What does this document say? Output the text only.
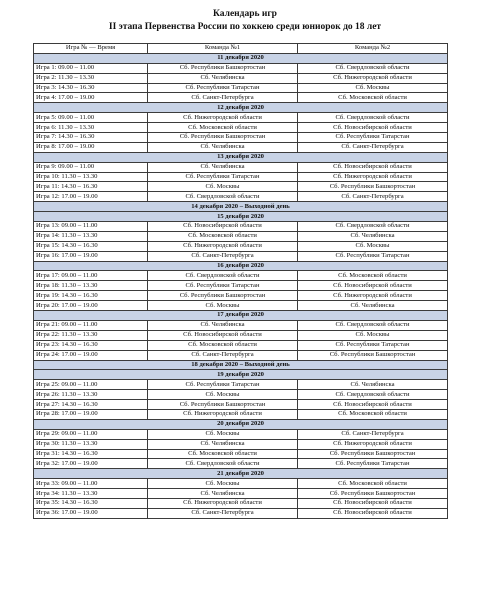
Календарь игр
II этапа Первенства России по хоккею среди юниорок до 18 лет
Игра № — Время	Команда №1	Команда №2
11 декабря 2020		
Игра 1: 09.00 – 11.00	Сб. Республики Башкортостан	Сб. Свердловской области
Игра 2: 11.30 – 13.30	Сб. Челябинска	Сб. Нижегородской области
Игра 3: 14.30 – 16.30	Сб. Республики Татарстан	Сб. Москвы
Игра 4: 17.00 – 19.00	Сб. Санкт-Петербурга	Сб. Московской области
12 декабря 2020		
Игра 5: 09.00 – 11.00	Сб. Нижегородской области	Сб. Свердловской области
Игра 6: 11.30 – 13.30	Сб. Московской области	Сб. Новосибирской области
Игра 7: 14.30 – 16.30	Сб. Республики Башкортостан	Сб. Республики Татарстан
Игра 8: 17.00 – 19.00	Сб. Челябинска	Сб. Санкт-Петербурга
13 декабря 2020		
Игра 9: 09.00 – 11.00	Сб. Челябинска	Сб. Новосибирской области
Игра 10: 11.30 – 13.30	Сб. Республики Татарстан	Сб. Нижегородской области
Игра 11: 14.30 – 16.30	Сб. Москвы	Сб. Республики Башкортостан
Игра 12: 17.00 – 19.00	Сб. Свердловской области	Сб. Санкт-Петербурга
14 декабря 2020 – Выходной день		
15 декабря 2020		
Игра 13: 09.00 – 11.00	Сб. Новосибирской области	Сб. Свердловской области
Игра 14: 11.30 – 13.30	Сб. Московской области	Сб. Челябинска
Игра 15: 14.30 – 16.30	Сб. Нижегородской области	Сб. Москвы
Игра 16: 17.00 – 19.00	Сб. Санкт-Петербурга	Сб. Республики Татарстан
16 декабря 2020		
Игра 17: 09.00 – 11.00	Сб. Свердловской области	Сб. Московской области
Игра 18: 11.30 – 13.30	Сб. Республики Татарстан	Сб. Новосибирской области
Игра 19: 14.30 – 16.30	Сб. Республики Башкортостан	Сб. Нижегородской области
Игра 20: 17.00 – 19.00	Сб. Москвы	Сб. Челябинска
17 декабря 2020		
Игра 21: 09.00 – 11.00	Сб. Челябинска	Сб. Свердловской области
Игра 22: 11.30 – 13.30	Сб. Новосибирской области	Сб. Москвы
Игра 23: 14.30 – 16.30	Сб. Московской области	Сб. Республики Татарстан
Игра 24: 17.00 – 19.00	Сб. Санкт-Петербурга	Сб. Республики Башкортостан
18 декабря 2020 – Выходной день		
19 декабря 2020		
Игра 25: 09.00 – 11.00	Сб. Республики Татарстан	Сб. Челябинска
Игра 26: 11.30 – 13.30	Сб. Москвы	Сб. Свердловской области
Игра 27: 14.30 – 16.30	Сб. Республики Башкортостан	Сб. Новосибирской области
Игра 28: 17.00 – 19.00	Сб. Нижегородской области	Сб. Московской области
20 декабря 2020		
Игра 29: 09.00 – 11.00	Сб. Москвы	Сб. Санкт-Петербурга
Игра 30: 11.30 – 13.30	Сб. Челябинска	Сб. Нижегородской области
Игра 31: 14.30 – 16.30	Сб. Московской области	Сб. Республики Башкортостан
Игра 32: 17.00 – 19.00	Сб. Свердловской области	Сб. Республики Татарстан
21 декабря 2020		
Игра 33: 09.00 – 11.00	Сб. Москвы	Сб. Московской области
Игра 34: 11.30 – 13.30	Сб. Челябинска	Сб. Республики Башкортостан
Игра 35: 14.30 – 16.30	Сб. Нижегородской области	Сб. Новосибирской области
Игра 36: 17.00 – 19.00	Сб. Санкт-Петербурга	Сб. Новосибирской области
